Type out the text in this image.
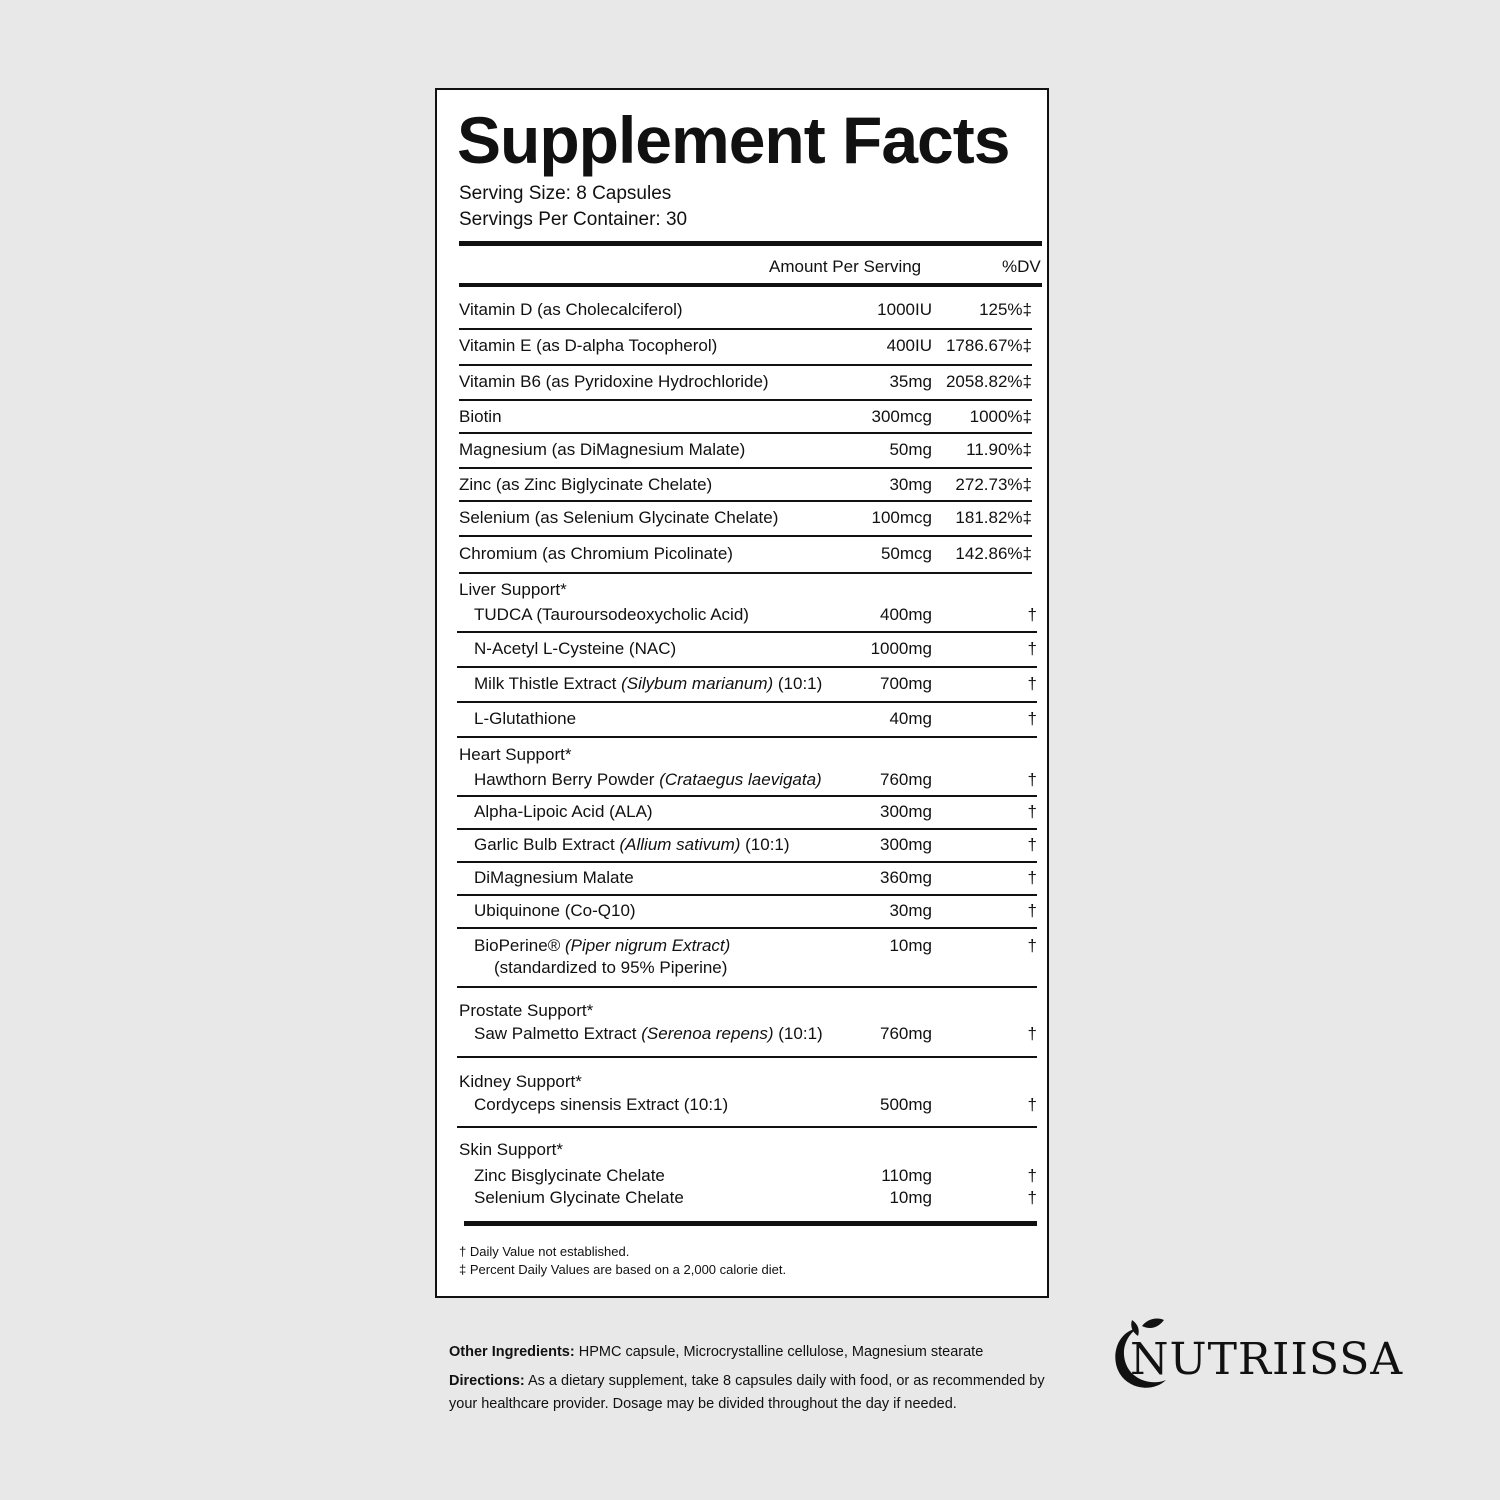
Supplement Facts
Serving Size: 8 Capsules
Servings Per Container: 30
Amount Per Serving	%DV
Vitamin D (as Cholecalciferol)	1000IU	125%‡
Vitamin E (as D-alpha Tocopherol)	400IU 1786.67%‡
Vitamin B6 (as Pyridoxine Hydrochloride)	35mg 2058.82%‡
Biotin	300mcg 1000%‡
Magnesium (as DiMagnesium Malate)	50mg 11.90%‡
Zinc (as Zinc Biglycinate Chelate)	30mg 272.73%‡
Selenium (as Selenium Glycinate Chelate)	100mcg 181.82%‡
Chromium (as Chromium Picolinate)	50mcg 142.86%‡
Liver Support*
TUDCA (Tauroursodeoxycholic Acid)	400mg	†
N-Acetyl L-Cysteine (NAC)	1000mg	†
Milk Thistle Extract (Silybum marianum) (10:1)	700mg	†
L-Glutathione	40mg	†
Heart Support*
Hawthorn Berry Powder (Crataegus laevigata)	760mg	†
Alpha-Lipoic Acid (ALA)	300mg	†
Garlic Bulb Extract (Allium sativum) (10:1)	300mg	†
DiMagnesium Malate	360mg	†
Ubiquinone (Co-Q10)	30mg	†
BioPerine® (Piper nigrum Extract)
(standardized to 95% Piperine)
10mg	†
Prostate Support*
Saw Palmetto Extract (Serenoa repens) (10:1)	760mg	†
Kidney Support*
Cordyceps sinensis Extract (10:1)	500mg	†
Skin Support*
Zinc Bisglycinate Chelate	110mg	†
Selenium Glycinate Chelate	10mg	†
† Daily Value not established.
‡ Percent Daily Values are based on a 2,000 calorie diet.
Other Ingredients: HPMC capsule, Microcrystalline cellulose, Magnesium stearate
Directions: As a dietary supplement, take 8 capsules daily with food, or as recommended by your healthcare provider. Dosage may be divided throughout the day if needed.
NUTRIISSA
